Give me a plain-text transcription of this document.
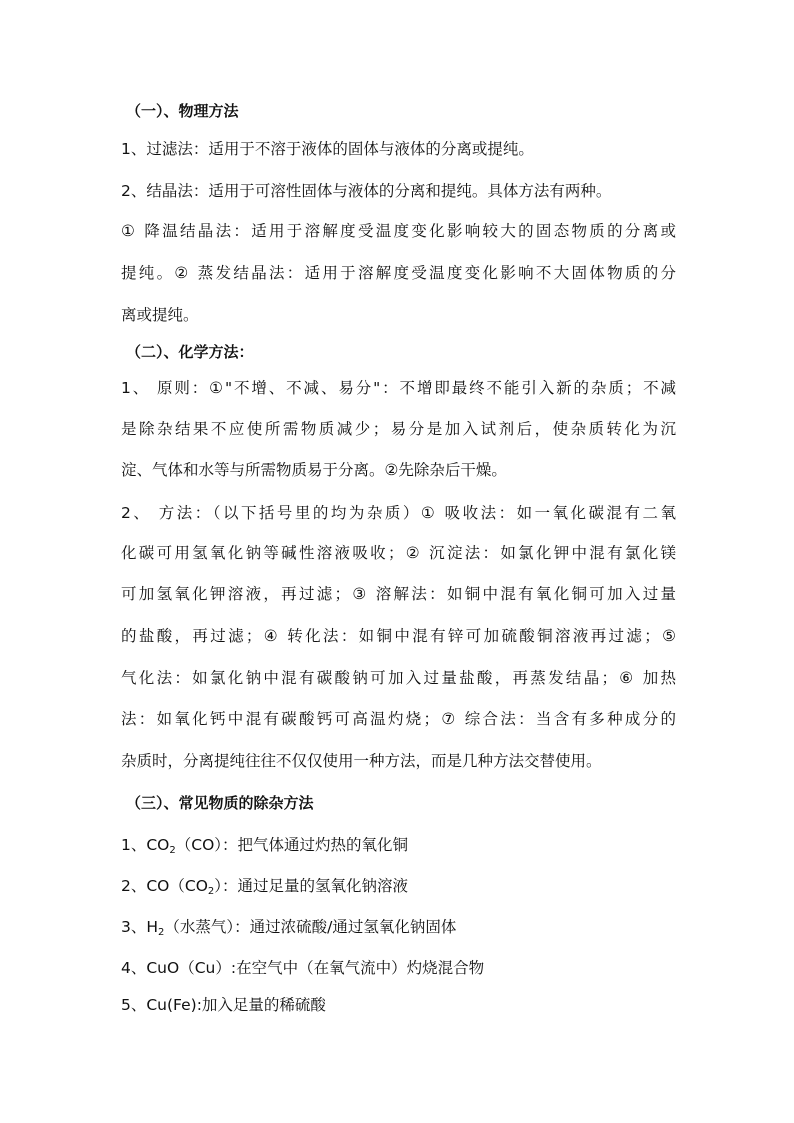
（一）、物理方法
1、过滤法：适用于不溶于液体的固体与液体的分离或提纯。
2、结晶法：适用于可溶性固体与液体的分离和提纯。具体方法有两种。
① 降温结晶法：适用于溶解度受温度变化影响较大的固态物质的分离或
提纯。② 蒸发结晶法：适用于溶解度受温度变化影响不大固体物质的分
离或提纯。
（二）、化学方法：
1、 原则：①"不增、不减、易分"：不增即最终不能引入新的杂质；不减
是除杂结果不应使所需物质减少；易分是加入试剂后，使杂质转化为沉
淀、气体和水等与所需物质易于分离。②先除杂后干燥。
2、 方法：（以下括号里的均为杂质）① 吸收法：如一氧化碳混有二氧
化碳可用氢氧化钠等碱性溶液吸收；② 沉淀法：如氯化钾中混有氯化镁
可加氢氧化钾溶液，再过滤；③ 溶解法：如铜中混有氧化铜可加入过量
的盐酸，再过滤；④ 转化法：如铜中混有锌可加硫酸铜溶液再过滤；⑤
气化法：如氯化钠中混有碳酸钠可加入过量盐酸，再蒸发结晶；⑥ 加热
法：如氧化钙中混有碳酸钙可高温灼烧；⑦ 综合法：当含有多种成分的
杂质时，分离提纯往往不仅仅使用一种方法，而是几种方法交替使用。
（三）、常见物质的除杂方法
1、$CO_2(CO)$：把气体通过灼热的氧化铜
2、$CO(CO_2)$：通过足量的氢氧化钠溶液
3、$H_2$（水蒸气）：通过浓硫酸/通过氢氧化钠固体
4、CuO（Cu）:在空气中（在氧气流中）灼烧混合物
5、Cu(Fe):加入足量的稀硫酸
